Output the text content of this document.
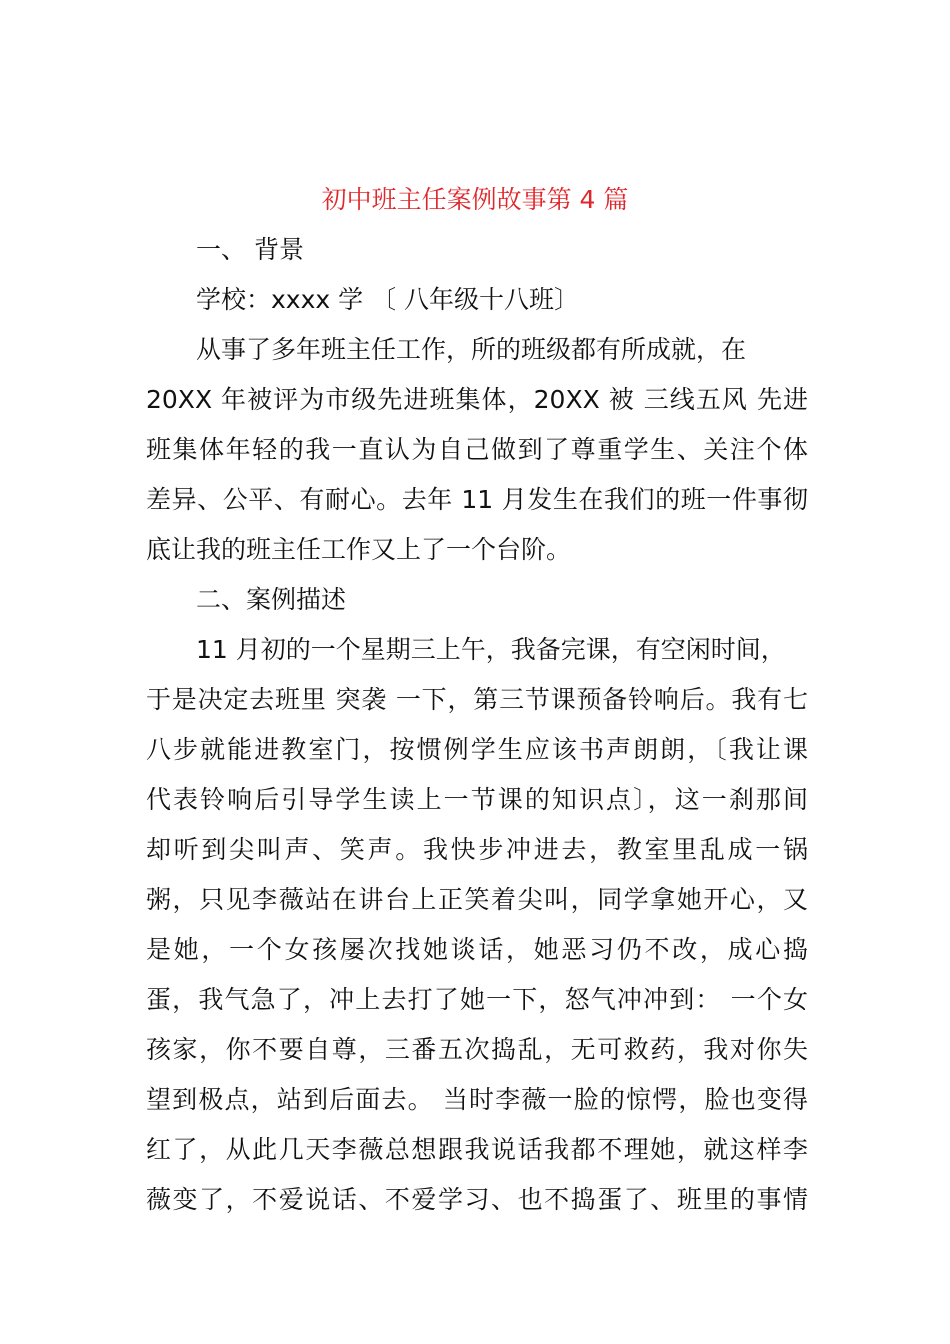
初中班主任案例故事第 4 篇
一、 背景
学校：xxxx 学 〔 八年级十八班〕
从事了多年班主任工作，所的班级都有所成就，在
20XX 年被评为市级先进班集体，20XX 被 三线五风 先进
班集体年轻的我一直认为自己做到了尊重学生、关注个体
差异、公平、有耐心。去年 11 月发生在我们的班一件事彻
底让我的班主任工作又上了一个台阶。
二、案例描述
11 月初的一个星期三上午，我备完课，有空闲时间，
于是决定去班里 突袭 一下，第三节课预备铃响后。我有七
八步就能进教室门，按惯例学生应该书声朗朗，〔我让课
代表铃响后引导学生读上一节课的知识点〕，这一刹那间
却听到尖叫声、笑声。我快步冲进去，教室里乱成一锅
粥，只见李薇站在讲台上正笑着尖叫，同学拿她开心，又
是她，一个女孩屡次找她谈话，她恶习仍不改，成心捣
蛋，我气急了，冲上去打了她一下，怒气冲冲到： 一个女
孩家，你不要自尊，三番五次捣乱，无可救药，我对你失
望到极点，站到后面去。 当时李薇一脸的惊愕，脸也变得
红了，从此几天李薇总想跟我说话我都不理她，就这样李
薇变了，不爱说话、不爱学习、也不捣蛋了、班里的事情
